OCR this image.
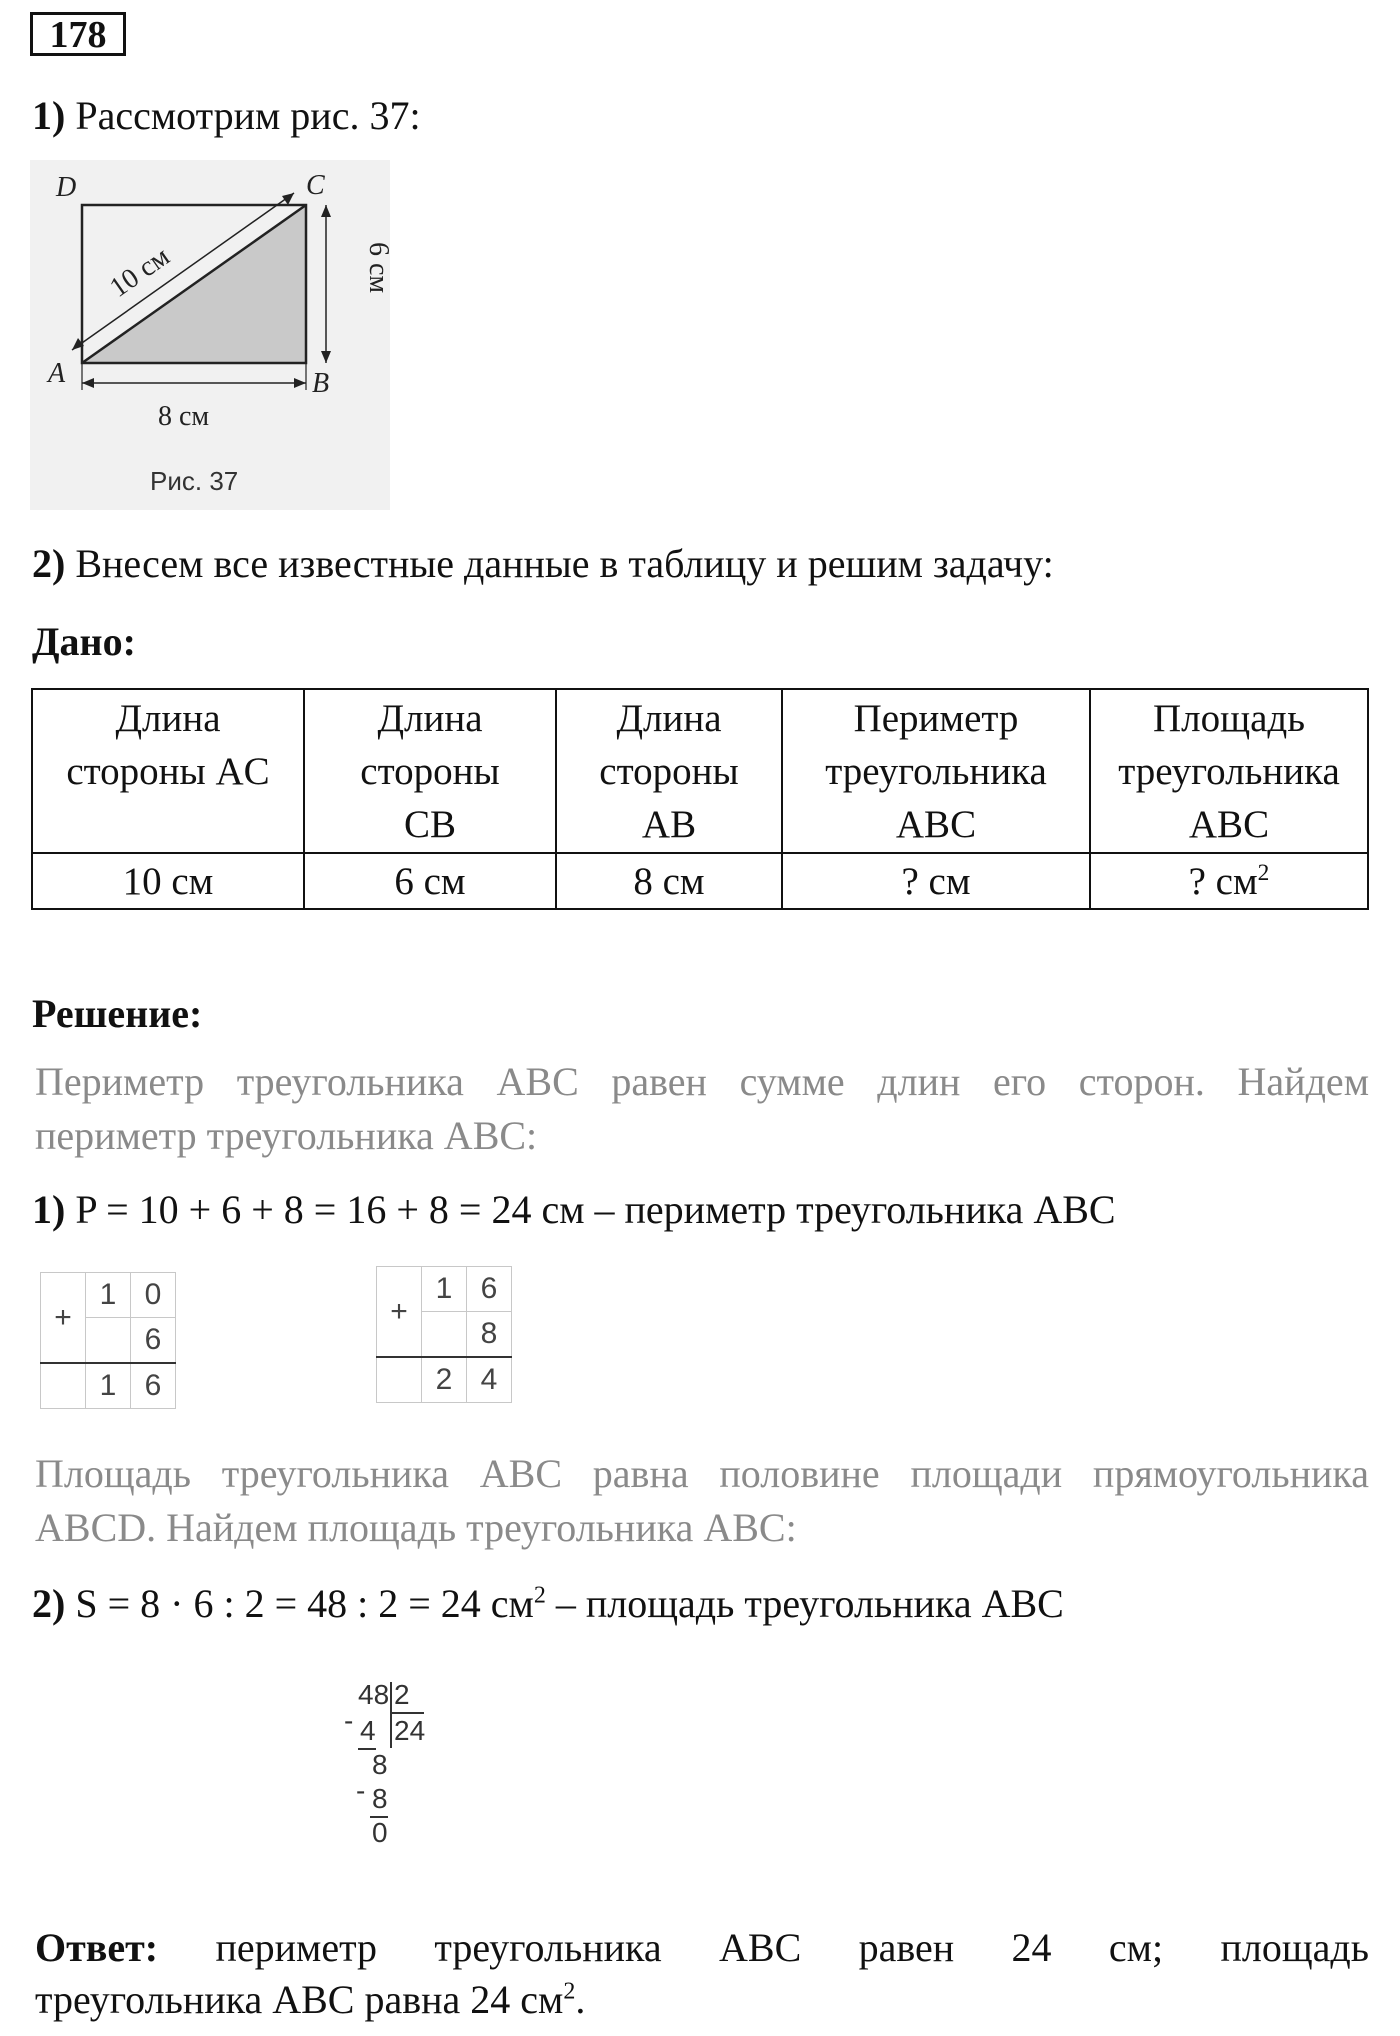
178
1) Рассмотрим рис. 37:
D	C
A	B
10 см	6 см
8 см
Рис. 37
2) Внесем все известные данные в таблицу и решим задачу:
Дано:
Длина
стороны AC	Длина
стороны
CB	Длина
стороны
AB	Периметр
треугольника
ABC	Площадь
треугольника
ABC

10 см	6 см	8 см	? см	? $см^2$
Решение:
Периметр треугольника ABC равен сумме длин его сторон. Найдем
периметр треугольника ABC:
1) P = 10 + 6 + 8 = 16 + 8 = 24 см – периметр треугольника ABC
+	1	0
		6
	1	6
+	1	6
		8
	2	4
Площадь треугольника ABC равна половине площади прямоугольника
ABCD. Найдем площадь треугольника ABC:
2) S = 8 · 6 : 2 = 48 : 2 = 24 $см^2$ – площадь треугольника ABC
48 2
24
- 4
8
- 8
0
Ответ: периметр треугольника ABC равен 24 см; площадь
треугольника ABC равна 24 $см^2$.
